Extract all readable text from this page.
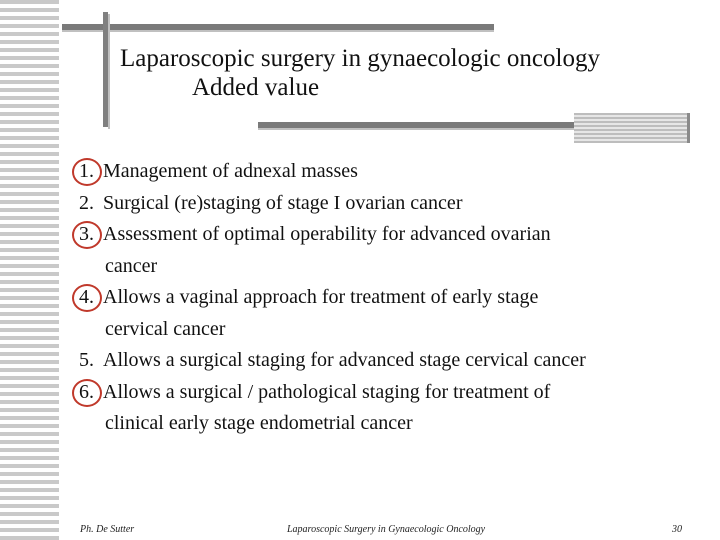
Laparoscopic surgery in gynaecologic oncology
Added value
1. Management of adnexal masses
2. Surgical (re)staging of stage I ovarian cancer
3. Assessment of optimal operability for advanced ovarian
cancer
4. Allows a vaginal approach for treatment of early stage
cervical cancer
5. Allows a surgical staging for advanced stage cervical cancer
6. Allows a surgical / pathological staging for treatment of
clinical early stage endometrial cancer
Ph. De Sutter	Laparoscopic Surgery in Gynaecologic Oncology	30
